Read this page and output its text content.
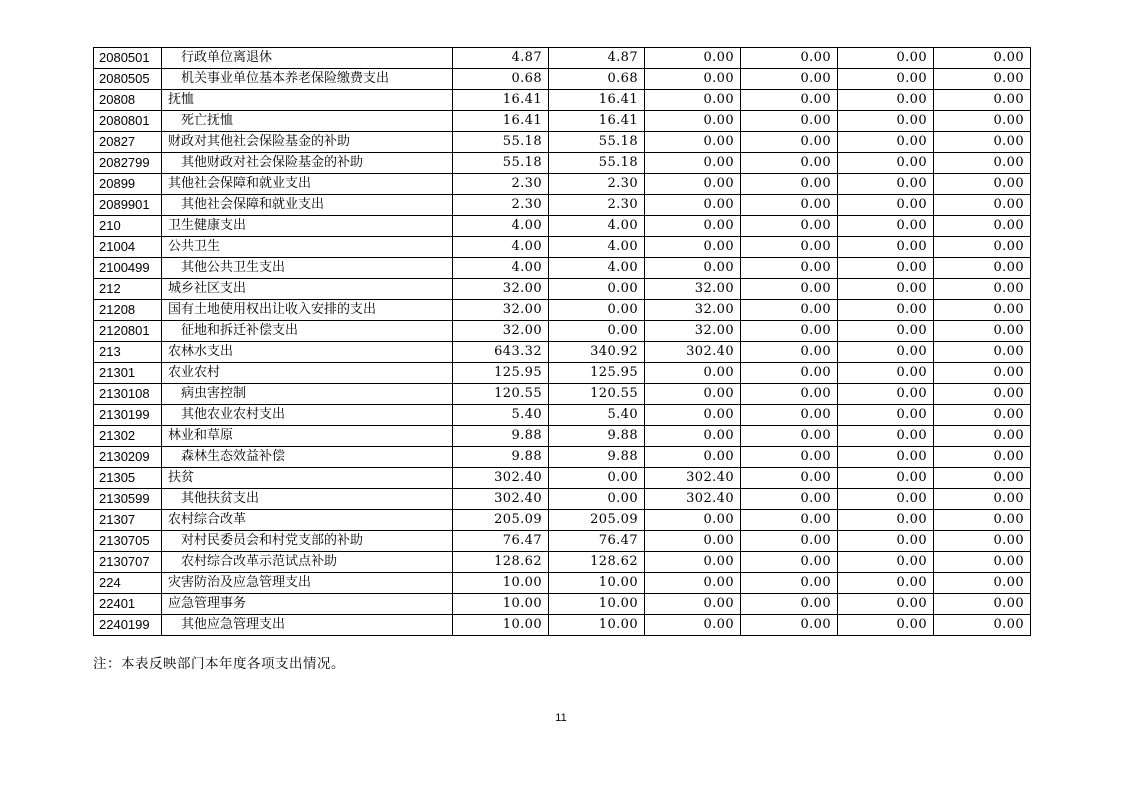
2080501	行政单位离退休	4.87	4.87	0.00	0.00	0.00	0.00
2080505	机关事业单位基本养老保险缴费支出	0.68	0.68	0.00	0.00	0.00	0.00
20808	抚恤	16.41	16.41	0.00	0.00	0.00	0.00
2080801	死亡抚恤	16.41	16.41	0.00	0.00	0.00	0.00
20827	财政对其他社会保险基金的补助	55.18	55.18	0.00	0.00	0.00	0.00
2082799	其他财政对社会保险基金的补助	55.18	55.18	0.00	0.00	0.00	0.00
20899	其他社会保障和就业支出	2.30	2.30	0.00	0.00	0.00	0.00
2089901	其他社会保障和就业支出	2.30	2.30	0.00	0.00	0.00	0.00
210	卫生健康支出	4.00	4.00	0.00	0.00	0.00	0.00
21004	公共卫生	4.00	4.00	0.00	0.00	0.00	0.00
2100499	其他公共卫生支出	4.00	4.00	0.00	0.00	0.00	0.00
212	城乡社区支出	32.00	0.00	32.00	0.00	0.00	0.00
21208	国有土地使用权出让收入安排的支出	32.00	0.00	32.00	0.00	0.00	0.00
2120801	征地和拆迁补偿支出	32.00	0.00	32.00	0.00	0.00	0.00
213	农林水支出	643.32	340.92	302.40	0.00	0.00	0.00
21301	农业农村	125.95	125.95	0.00	0.00	0.00	0.00
2130108	病虫害控制	120.55	120.55	0.00	0.00	0.00	0.00
2130199	其他农业农村支出	5.40	5.40	0.00	0.00	0.00	0.00
21302	林业和草原	9.88	9.88	0.00	0.00	0.00	0.00
2130209	森林生态效益补偿	9.88	9.88	0.00	0.00	0.00	0.00
21305	扶贫	302.40	0.00	302.40	0.00	0.00	0.00
2130599	其他扶贫支出	302.40	0.00	302.40	0.00	0.00	0.00
21307	农村综合改革	205.09	205.09	0.00	0.00	0.00	0.00
2130705	对村民委员会和村党支部的补助	76.47	76.47	0.00	0.00	0.00	0.00
2130707	农村综合改革示范试点补助	128.62	128.62	0.00	0.00	0.00	0.00
224	灾害防治及应急管理支出	10.00	10.00	0.00	0.00	0.00	0.00
22401	应急管理事务	10.00	10.00	0.00	0.00	0.00	0.00
2240199	其他应急管理支出	10.00	10.00	0.00	0.00	0.00	0.00
注：本表反映部门本年度各项支出情况。
11
